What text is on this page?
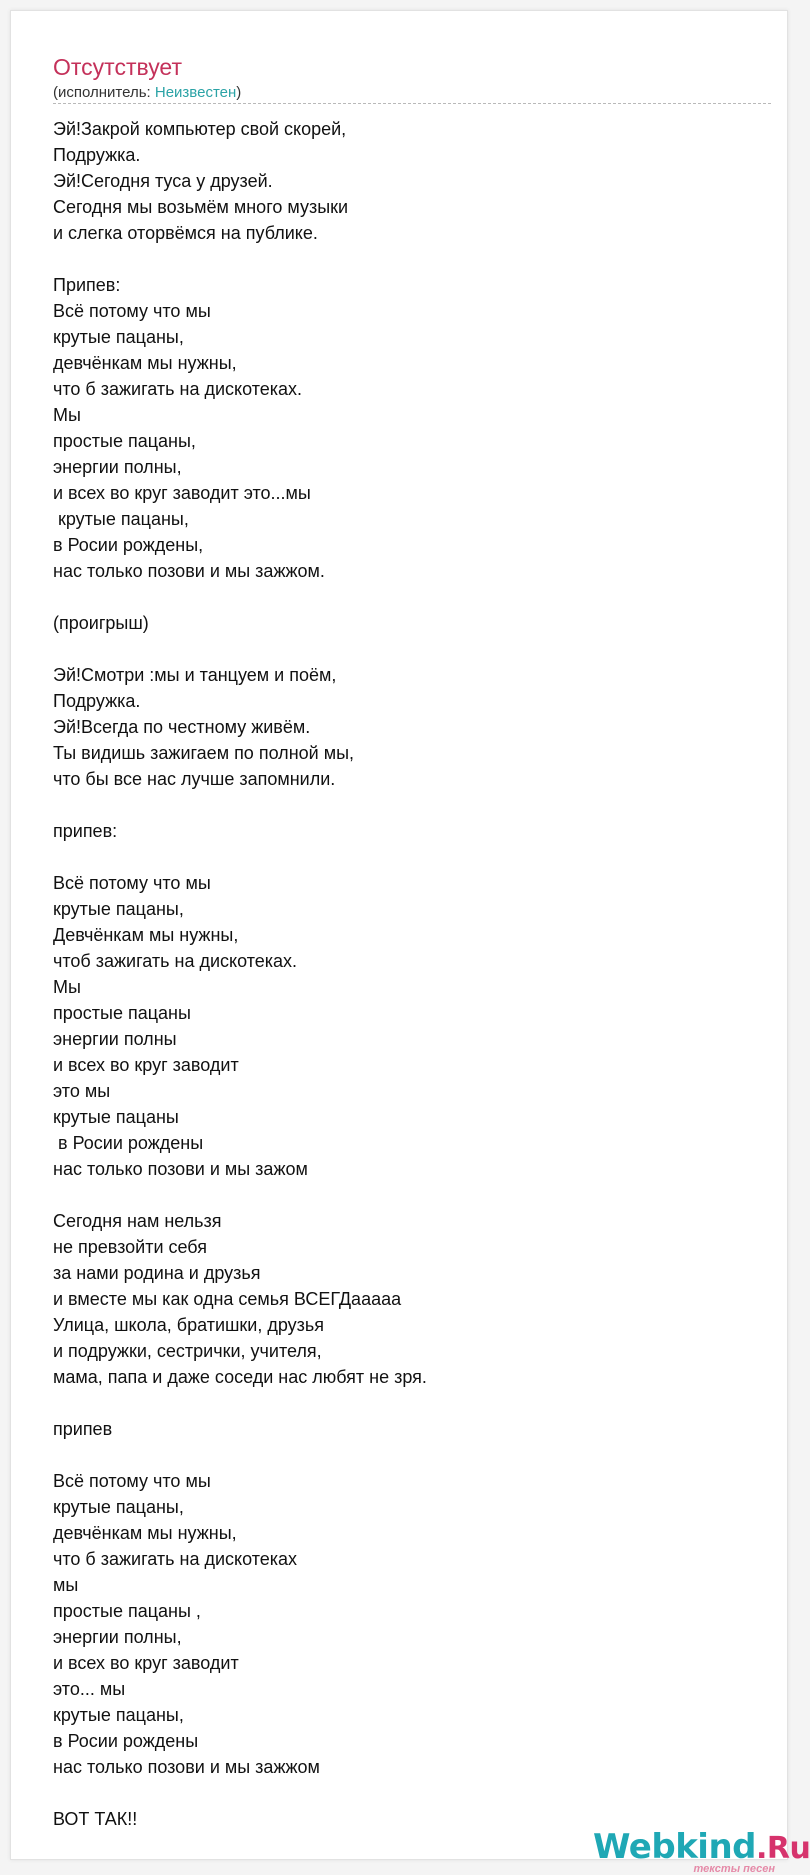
Отсутствует
(исполнитель: Неизвестен)
Эй!Закрой компьютер свой скорей,
Подружка.
Эй!Сегодня туса у друзей.
Сегодня мы возьмём много музыки
и слегка оторвёмся на публике.

Припев:
Всё потому что мы
крутые пацаны,
девчёнкам мы нужны,
что б зажигать на дискотеках.
Мы
простые пацаны,
энергии полны,
и всех во круг заводит это...мы
крутые пацаны,
в Росии рождены,
нас только позови и мы зажжом.

(проигрыш)

Эй!Смотри :мы и танцуем и поём,
Подружка.
Эй!Всегда по честному живём.
Ты видишь зажигаем по полной мы,
что бы все нас лучше запомнили.

припев:

Всё потому что мы
крутые пацаны,
Девчёнкам мы нужны,
чтоб зажигать на дискотеках.
Мы
простые пацаны
энергии полны
и всех во круг заводит
это мы
крутые пацаны
в Росии рождены
нас только позови и мы зажом

Сегодня нам нельзя
не превзойти себя
за нами родина и друзья
и вместе мы как одна семья ВСЕГДааааа
Улица, школа, братишки, друзья
и подружки, сестрички, учителя,
мама, папа и даже соседи нас любят не зря.

припев

Всё потому что мы
крутые пацаны,
девчёнкам мы нужны,
что б зажигать на дискотеках
мы
простые пацаны ,
энергии полны,
и всех во круг заводит
это... мы
крутые пацаны,
в Росии рождены
нас только позови и мы зажжом

ВОТ ТАК!!
Webkind.Ru
тексты песен
